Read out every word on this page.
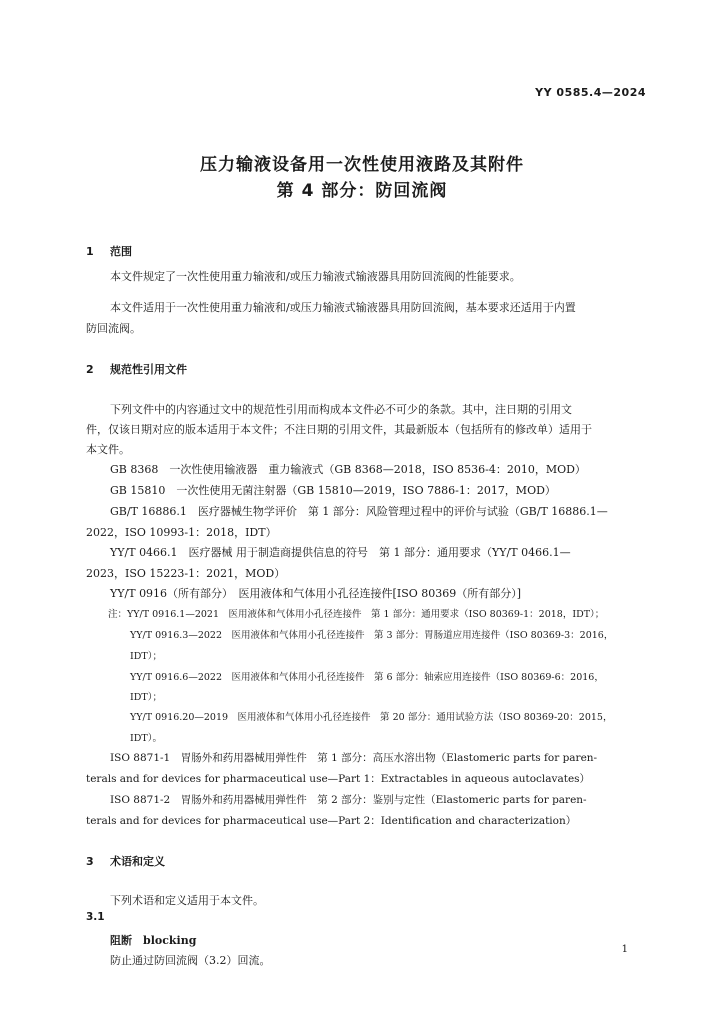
YY 0585.4—2024
压力输液设备用一次性使用液路及其附件
第 4 部分：防回流阀
1 范围
本文件规定了一次性使用重力输液和/或压力输液式输液器具用防回流阀的性能要求。
本文件适用于一次性使用重力输液和/或压力输液式输液器具用防回流阀，基本要求还适用于内置
防回流阀。
2 规范性引用文件
下列文件中的内容通过文中的规范性引用而构成本文件必不可少的条款。其中，注日期的引用文
件，仅该日期对应的版本适用于本文件；不注日期的引用文件，其最新版本（包括所有的修改单）适用于
本文件。
GB 8368　一次性使用输液器　重力输液式（GB 8368—2018，ISO 8536-4：2010，MOD）
GB 15810　一次性使用无菌注射器（GB 15810—2019，ISO 7886-1：2017，MOD）
GB/T 16886.1　医疗器械生物学评价　第 1 部分：风险管理过程中的评价与试验（GB/T 16886.1—
2022，ISO 10993-1：2018，IDT）
YY/T 0466.1　医疗器械 用于制造商提供信息的符号　第 1 部分：通用要求（YY/T 0466.1—
2023，ISO 15223-1：2021，MOD）
YY/T 0916（所有部分）　医用液体和气体用小孔径连接件[ISO 80369（所有部分）]
注：YY/T 0916.1—2021　医用液体和气体用小孔径连接件　第 1 部分：通用要求（ISO 80369-1：2018，IDT）；
YY/T 0916.3—2022　医用液体和气体用小孔径连接件　第 3 部分：胃肠道应用连接件（ISO 80369-3：2016，
IDT）；
YY/T 0916.6—2022　医用液体和气体用小孔径连接件　第 6 部分：轴索应用连接件（ISO 80369-6：2016，
IDT）；
YY/T 0916.20—2019　医用液体和气体用小孔径连接件　第 20 部分：通用试验方法（ISO 80369-20：2015，
IDT）。
ISO 8871-1　胃肠外和药用器械用弹性件　第 1 部分：高压水溶出物（Elastomeric parts for paren-
terals and for devices for pharmaceutical use—Part 1：Extractables in aqueous autoclavates）
ISO 8871-2　胃肠外和药用器械用弹性件　第 2 部分：鉴别与定性（Elastomeric parts for paren-
terals and for devices for pharmaceutical use—Part 2：Identification and characterization）
3 术语和定义
下列术语和定义适用于本文件。
3.1
阻断　 blocking
防止通过防回流阀（3.2）回流。
1
